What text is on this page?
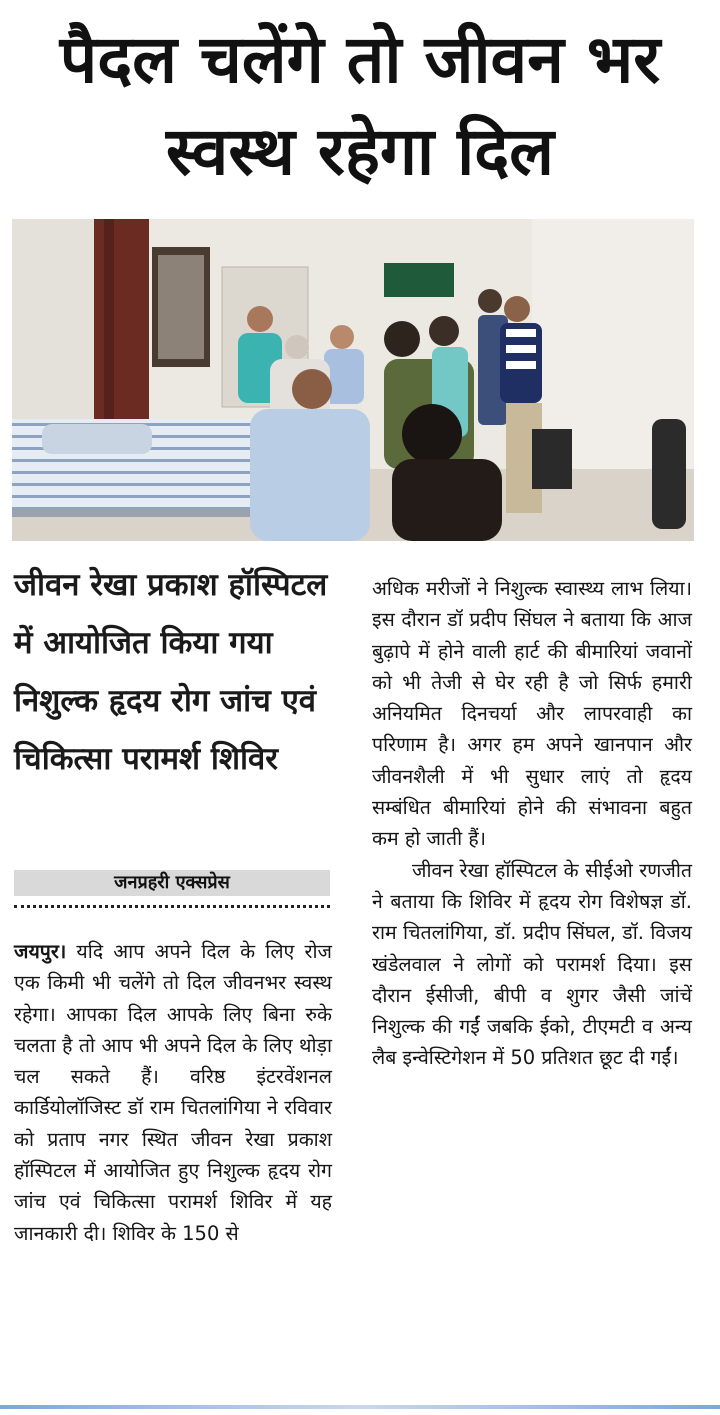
पैदल चलेंगे तो जीवन भर
स्वस्थ रहेगा दिल
जीवन रेखा प्रकाश हॉस्पिटल में आयोजित किया गया निशुल्क हृदय रोग जांच एवं चिकित्सा परामर्श शिविर
जनप्रहरी एक्सप्रेस

जयपुर। यदि आप अपने दिल के लिए रोज एक किमी भी चलेंगे तो दिल जीवनभर स्वस्थ रहेगा। आपका दिल आपके लिए बिना रुके चलता है तो आप भी अपने दिल के लिए थोड़ा चल सकते हैं। वरिष्ठ इंटरवेंशनल कार्डियोलॉजिस्ट डॉ राम चितलांगिया ने रविवार को प्रताप नगर स्थित जीवन रेखा प्रकाश हॉस्पिटल में आयोजित हुए निशुल्क हृदय रोग जांच एवं चिकित्सा परामर्श शिविर में यह जानकारी दी। शिविर के 150 से

अधिक मरीजों ने निशुल्क स्वास्थ्य लाभ लिया। इस दौरान डॉ प्रदीप सिंघल ने बताया कि आज बुढ़ापे में होने वाली हार्ट की बीमारियां जवानों को भी तेजी से घेर रही है जो सिर्फ हमारी अनियमित दिनचर्या और लापरवाही का परिणाम है। अगर हम अपने खानपान और जीवनशैली में भी सुधार लाएं तो हृदय सम्बंधित बीमारियां होने की संभावना बहुत कम हो जाती हैं।

जीवन रेखा हॉस्पिटल के सीईओ रणजीत ने बताया कि शिविर में हृदय रोग विशेषज्ञ डॉ. राम चितलांगिया, डॉ. प्रदीप सिंघल, डॉ. विजय खंडेलवाल ने लोगों को परामर्श दिया। इस दौरान ईसीजी, बीपी व शुगर जैसी जांचें निशुल्क की गईं जबकि ईको, टीएमटी व अन्य लैब इन्वेस्टिगेशन में 50 प्रतिशत छूट दी गईं।
